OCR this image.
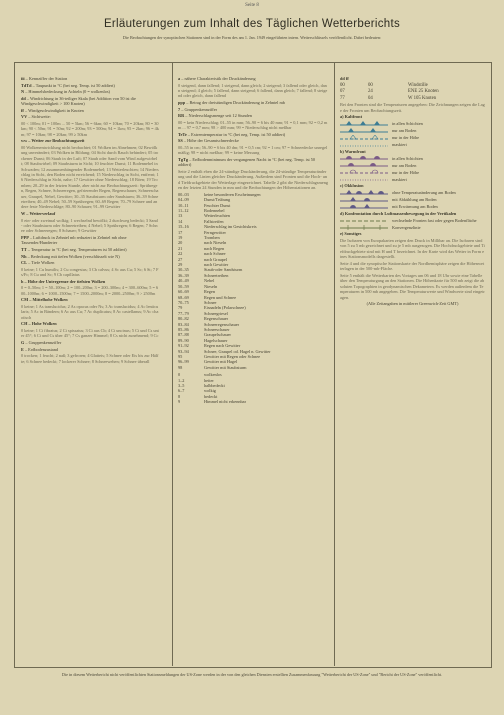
Seite 8
Erläuterungen zum Inhalt des Täglichen Wetterberichts
Die Beobachtungen der synoptischen Stationen sind in der Form des am 1. Jan. 1949 eingeführten intern. Wetterschlüssels veröffentlicht. Dabei bedeuten:

iii – Kennziffer der Station

TdTd – Taupunkt in °C (bei neg. Temp. ist 50 addiert)

N – Himmelsbedeckung in Achteln (0 = wolkenlos)

dd – Windrichtung in 36-teiliger Skala (bei Addition von 50 ist die Windgeschwindigkeit > 100 Knoten)

ff – Windgeschwindigkeit in Knoten

VV – Sichtweite:

00 < 100m; 01 = 100m ... 50 = 5km; 56 = 6km; 60 = 10km; 70 = 20km; 80 = 30km; 90 < 50m; 91 = 50m; 92 = 200m; 93 = 500m; 94 = 1km; 95 = 2km; 96 = 4km; 97 = 10km; 98 = 20km; 99 ≥ 50km

ww – Wetter zur Beobachtungszeit

00 Wolkenentwicklung nicht beobachtet; 01 Wolken im Abnehmen; 02 Bewölkung unverändert; 03 Wolken in Bildung; 04 Sicht durch Rauch behindert; 05 trockener Dunst; 06 Staub in der Luft; 07 Staub oder Sand vom Wind aufgewirbelt; 08 Staubwirbel; 09 Staubsturm in Sicht; 10 feuchter Dunst; 11 Bodennebel in Schwaden; 12 zusammenhängender Bodennebel; 13 Wetterleuchten; 14 Niederschlag in Sicht, den Boden nicht erreichend; 15 Niederschlag in Sicht, entfernt; 16 Niederschlag in Sicht, nahe; 17 Gewitter ohne Niederschlag; 18 Böen; 19 Tromben; 20–29 in der letzten Stunde, aber nicht zur Beobachtungszeit: Sprühregen, Regen, Schnee, Schneeregen, gefrierender Regen, Regenschauer, Schneeschauer, Graupel, Nebel, Gewitter; 30–35 Staubsturm oder Sandsturm; 36–39 Schneetreiben; 40–49 Nebel; 50–59 Sprühregen; 60–69 Regen; 70–79 Schnee und andere feste Niederschläge; 80–90 Schauer; 91–99 Gewitter

W – Wetterverlauf

0 ein- oder zweimal wolkig; 1 wechselnd bewölkt; 2 durchweg bedeckt; 3 Sand- oder Staubsturm oder Schneetreiben; 4 Nebel; 5 Sprühregen; 6 Regen; 7 Schnee oder Schneeregen; 8 Schauer; 9 Gewitter

PPP – Luftdruck in Zehntel mb reduziert in Zehntel mb ohne Tausender/Hunderter

TT – Temperatur in °C (bei neg. Temperaturen ist 50 addiert)

Nh – Bedeckung mit tiefen Wolken (verschlüsselt wie N)

CL – Tiefe Wolken

0 keine; 1 Cu humilis; 2 Cu congestus; 3 Cb calvus; 4 Sc aus Cu; 5 Sc; 6 St; 7 Fs/Fc; 8 Cu und Sc; 9 Cb capillatus

h – Höhe der Untergrenze der tiefsten Wolken

0 = 0–50m; 1 = 50–100m; 2 = 100–200m; 3 = 200–300m; 4 = 300–600m; 5 = 600–1000m; 6 = 1000–1500m; 7 = 1500–2000m; 8 = 2000–2500m; 9 > 2500m

CM – Mittelhohe Wolken

0 keine; 1 As translucidus; 2 As opacus oder Ns; 3 Ac translucidus; 4 Ac lenticularis; 5 Ac in Bändern; 6 Ac aus Cu; 7 Ac duplicatus; 8 Ac castellanus; 9 Ac chaotisch

CH – Hohe Wolken

0 keine; 1 Ci fibratus; 2 Ci spissatus; 3 Ci aus Cb; 4 Ci uncinus; 5 Ci und Cs unter 45°; 6 Ci und Cs über 45°; 7 Cs ganzer Himmel; 8 Cs nicht zunehmend; 9 Cc

G – Gruppenkennziffer

E – Erdbodenzustand

0 trocken; 1 feucht; 2 naß; 3 gefroren; 4 Glatteis; 5 Schnee oder Eis bis zur Hälfte; 6 Schnee bedeckt; 7 lockerer Schnee; 8 Schneewehen; 9 Schnee überall

a – nähere Charakteristik der Druckänderung

0 steigend, dann fallend; 1 steigend, dann gleich; 2 steigend; 3 fallend oder gleich, dann steigend; 4 gleich; 5 fallend, dann steigend; 6 fallend, dann gleich; 7 fallend; 8 steigend oder gleich, dann fallend

ppp – Betrag der dreistündigen Druckänderung in Zehntel mb

7 – Gruppenkennziffer

RR – Niederschlagsmenge seit 12 Stunden

00 = kein Niederschlag; 01–55 in mm; 56–90 = 6 bis 40 mm; 91 = 0,1 mm; 92 = 0,2 mm ... 97 = 0,7 mm; 98 > 400 mm; 99 = Niederschlag nicht meßbar

TeTe – Extremtemperatur in °C (bei neg. Temp. ist 50 addiert)

SS – Höhe der Gesamtschneedecke

00–55 in cm; 56–90 = 6 bis 40 dm; 91 = 0,5 cm; 92 = 1 cm; 97 = Schneedecke unregelmäßig; 98 = nicht meßbar; 99 = keine Messung

TgTg – Erdbodenminimum der vergangenen Nacht in °C (bei neg. Temp. ist 50 addiert)

Seite 2 enthält eben die 24-stündige Druckänderung, die 24-stündige Temperaturänderung und die Linien gleicher Druckänderung. Außerdem sind Fronten und die Hoch- und Tiefdruckgebiete der Wetterlage eingezeichnet. Tabelle 2 gibt die Niederschlagsmengen der letzten 24 Stunden in mm und die Beobachtungen der Höhenstationen an.

00–03	keine besonderen Erscheinungen
04–09	Dunst/Trübung
10–11	Feuchter Dunst
11–12	Bodennebel
13	Wetterleuchten
14	Fallstreifen
15–16	Niederschlag im Gesichtskreis
17	Ferngewitter
19	Tromben
20	nach Nieseln
21	nach Regen
22	nach Schnee
27	nach Graupel
29	nach Gewitter
30–35	Staub-oder Sandsturm
36–39	Schneetreiben
40–49	Nebel
50–59	Nieseln
60–69	Regen
68–69	Regen und Schnee
70–75	Schnee
79	Eisnadeln (Polarschnee)
77–79	Schneegriesel
80–82	Regenschauer
83–84	Schneeregenschauer
85–86	Schneeschauer
87–88	Graupelschauer
89–90	Hagelschauer
91–92	Regen nach Gewitter
93–94	Schnee, Graupel od. Hagel n. Gewitter
95	Gewitter mit Regen oder Schnee
96–99	Gewitter mit Hagel
98	Gewitter mit Staubsturm
0	wolkenlos
1–2	heiter
3–5	halbbedeckt
6–7	wolkig
8	bedeckt
9	Himmel nicht erkennbar

dd ff

00	00	Windstille
07	24	ENE 25 Knoten
77	04	W 105 Knoten

Bei den Fronten sind die Temperaturen angegeben: Die Zeichnungen zeigen die Lage der Fronten um Beobachtungszeit.

a) Kaltfront

in allen Schichten
nur am Boden
nur in der Höhe
maskiert

b) Warmfront

in allen Schichten
nur am Boden
nur in der Höhe
maskiert

c) Okklusion

ohne Temperaturänderung am Boden
mit Abkühlung am Boden
mit Erwärmung am Boden

d) Konfrontation durch Luftmassenbewegung in der Vertikalen

wechselnde Fronten fast oder gegen Bodenfläche
Konvergenzlinie

e) Sonstiges

Die Isobaren von Europakarten zeigen den Druck in Millibar an. Die Isobaren sind von 5 zu 5 mb gezeichnet und zu je 5 mb ausgezogen. Die Hochdruckgebiete und Tiefdruckgebiete sind mit H und T bezeichnet. In der Karte wird das Wetter in Form eines Stationsmodells dargestellt.

Seite 4 und die synoptische Stationskarte der Nordhemisphäre zeigen die Höhenwetterlagen in der 500-mb-Fläche.

Seite 5 enthält die Wetterkarten des Vortages um 06 und 18 Uhr sowie eine Tabelle über den Temperaturgang an den Stationen. Die Höhenkarte für 500 mb zeigt die absoluten Topographien in geodynamischen Dekametern. Es werden außerdem die Temperaturen in 500 mb angegeben. Die Temperaturwerte und Windwerte sind eingetragen.

(Alle Zeitangaben in mittlerer Greenwich-Zeit GMT)

Die in diesem Wetterbericht nicht veröffentlichten Stationsmeldungen der US-Zone werden in der von den gleichen Diensten erstellten Zusammenfassung "Wetterbericht der US-Zone" und "Bericht der US-Zone" veröffentlicht.
